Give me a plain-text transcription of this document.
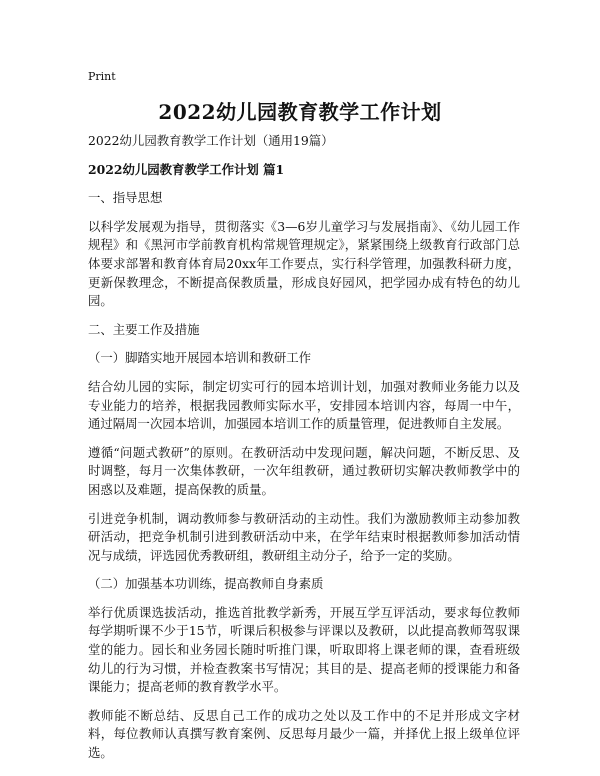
Print
2022幼儿园教育教学工作计划

2022幼儿园教育教学工作计划（通用19篇）

2022幼儿园教育教学工作计划 篇1

一、指导思想

以科学发展观为指导，贯彻落实《3—6岁儿童学习与发展指南》、《幼儿园工作规程》和《黑河市学前教育机构常规管理规定》，紧紧围绕上级教育行政部门总体要求部署和教育体育局20xx年工作要点，实行科学管理，加强教科研力度，更新保教理念，不断提高保教质量，形成良好园风，把学园办成有特色的幼儿园。

二、主要工作及措施

（一）脚踏实地开展园本培训和教研工作

结合幼儿园的实际，制定切实可行的园本培训计划，加强对教师业务能力以及专业能力的培养，根据我园教师实际水平，安排园本培训内容，每周一中午，通过隔周一次园本培训，加强园本培训工作的质量管理，促进教师自主发展。

遵循“问题式教研”的原则。在教研活动中发现问题，解决问题，不断反思、及时调整，每月一次集体教研，一次年组教研，通过教研切实解决教师教学中的困惑以及难题，提高保教的质量。

引进竞争机制，调动教师参与教研活动的主动性。我们为激励教师主动参加教研活动，把竞争机制引进到教研活动中来，在学年结束时根据教师参加活动情况与成绩，评选园优秀教研组，教研组主动分子，给予一定的奖励。

（二）加强基本功训练，提高教师自身素质

举行优质课选拔活动，推选首批教学新秀，开展互学互评活动，要求每位教师每学期听课不少于15节，听课后积极参与评课以及教研，以此提高教师驾驭课堂的能力。园长和业务园长随时听推门课，听取即将上课老师的课，查看班级幼儿的行为习惯，并检查教案书写情况；其目的是、提高老师的授课能力和备课能力；提高老师的教育教学水平。

教师能不断总结、反思自己工作的成功之处以及工作中的不足并形成文字材料，每位教师认真撰写教育案例、反思每月最少一篇，并择优上报上级单位评选。
